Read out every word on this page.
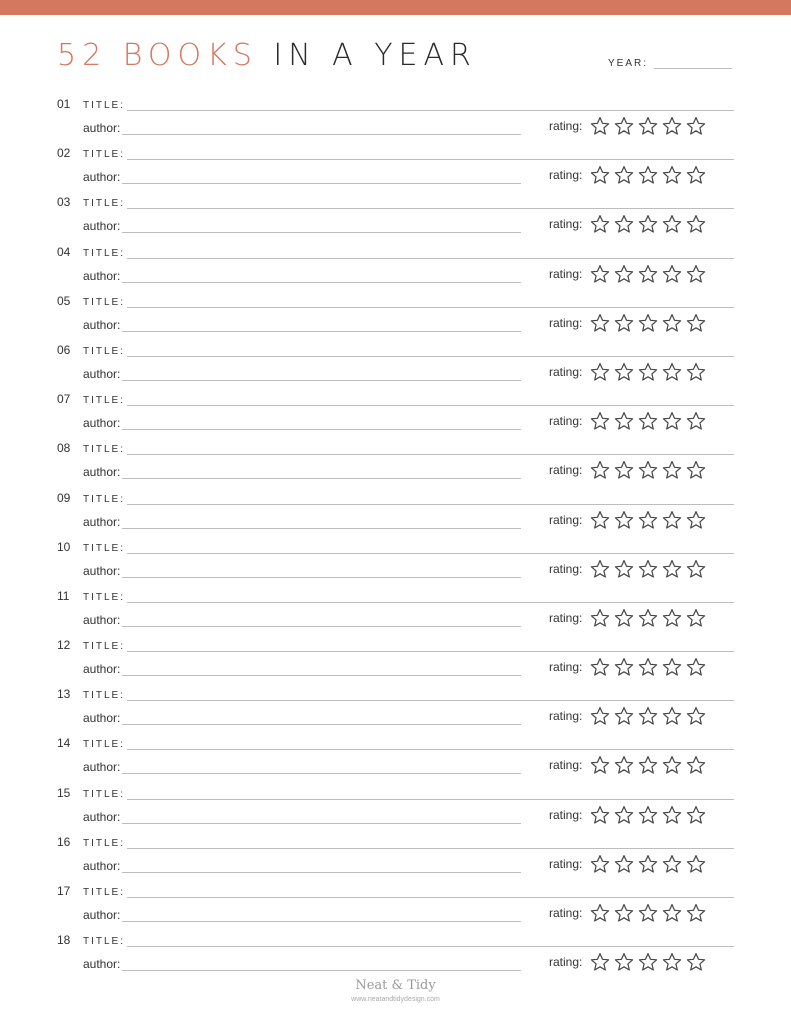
52 BOOKS IN A YEAR	YEAR:
01	TITLE:
author:	rating:
02	TITLE:
author:	rating:
03	TITLE:
author:	rating:
04	TITLE:
author:	rating:
05	TITLE:
author:	rating:
06	TITLE:
author:	rating:
07	TITLE:
author:	rating:
08	TITLE:
author:	rating:
09	TITLE:
author:	rating:
10	TITLE:
author:	rating:
11	TITLE:
author:	rating:
12	TITLE:
author:	rating:
13	TITLE:
author:	rating:
14	TITLE:
author:	rating:
15	TITLE:
author:	rating:
16	TITLE:
author:	rating:
17	TITLE:
author:	rating:
18	TITLE:
author:	rating:
Neat & Tidy
www.neatandtidydesign.com
